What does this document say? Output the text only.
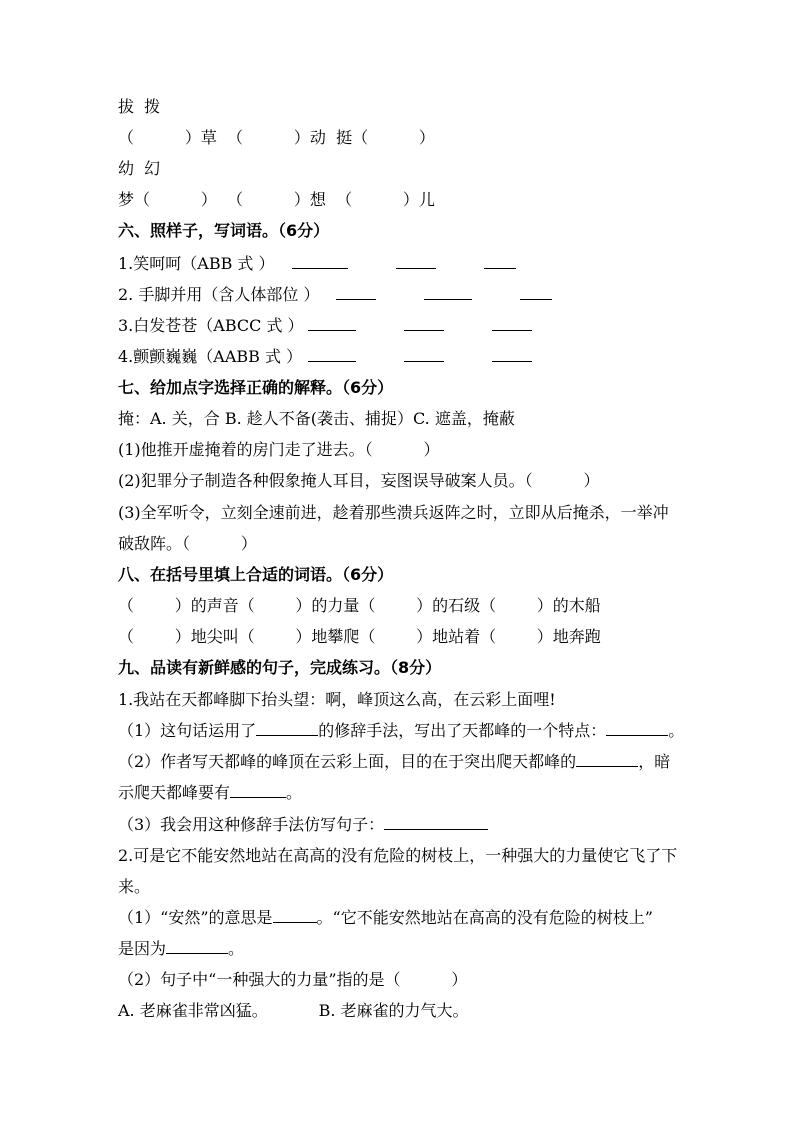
拔  拨
（          ）草  （          ）动  挺（          ）
幼  幻
梦（          ）  （          ）想  （          ）儿
六、照样子，写词语。（6分）
1.笑呵呵（ABB 式 ）
2. 手脚并用（含人体部位 ）
3.白发苍苍（ABCC 式 ）
4.颤颤巍巍（AABB 式 ）
七、给加点字选择正确的解释。（6分）
掩：A. 关，合 B. 趁人不备(袭击、捕捉）C. 遮盖，掩蔽
(1)他推开虚掩着的房门走了进去。（          ）
(2)犯罪分子制造各种假象掩人耳目，妄图误导破案人员。（          ）
(3)全军听令，立刻全速前进，趁着那些溃兵返阵之时，立即从后掩杀，一举冲
破敌阵。（          ）
八、在括号里填上合适的词语。（6分）
（        ）的声音（        ）的力量（        ）的石级（        ）的木船
（        ）地尖叫（        ）地攀爬（        ）地站着（        ）地奔跑
九、品读有新鲜感的句子，完成练习。（8分）
1.我站在天都峰脚下抬头望：啊，峰顶这么高，在云彩上面哩!
（1）这句话运用了	的修辞手法，写出了天都峰的一个特点：	。
（2）作者写天都峰的峰顶在云彩上面，目的在于突出爬天都峰的	，暗
示爬天都峰要有	。
（3）我会用这种修辞手法仿写句子：
2.可是它不能安然地站在高高的没有危险的树枝上，一种强大的力量使它飞了下
来。
（1）“安然”的意思是	。“它不能安然地站在高高的没有危险的树枝上”
是因为	。
（2）句子中“一种强大的力量”指的是（          ）
A. 老麻雀非常凶猛。          B. 老麻雀的力气大。
